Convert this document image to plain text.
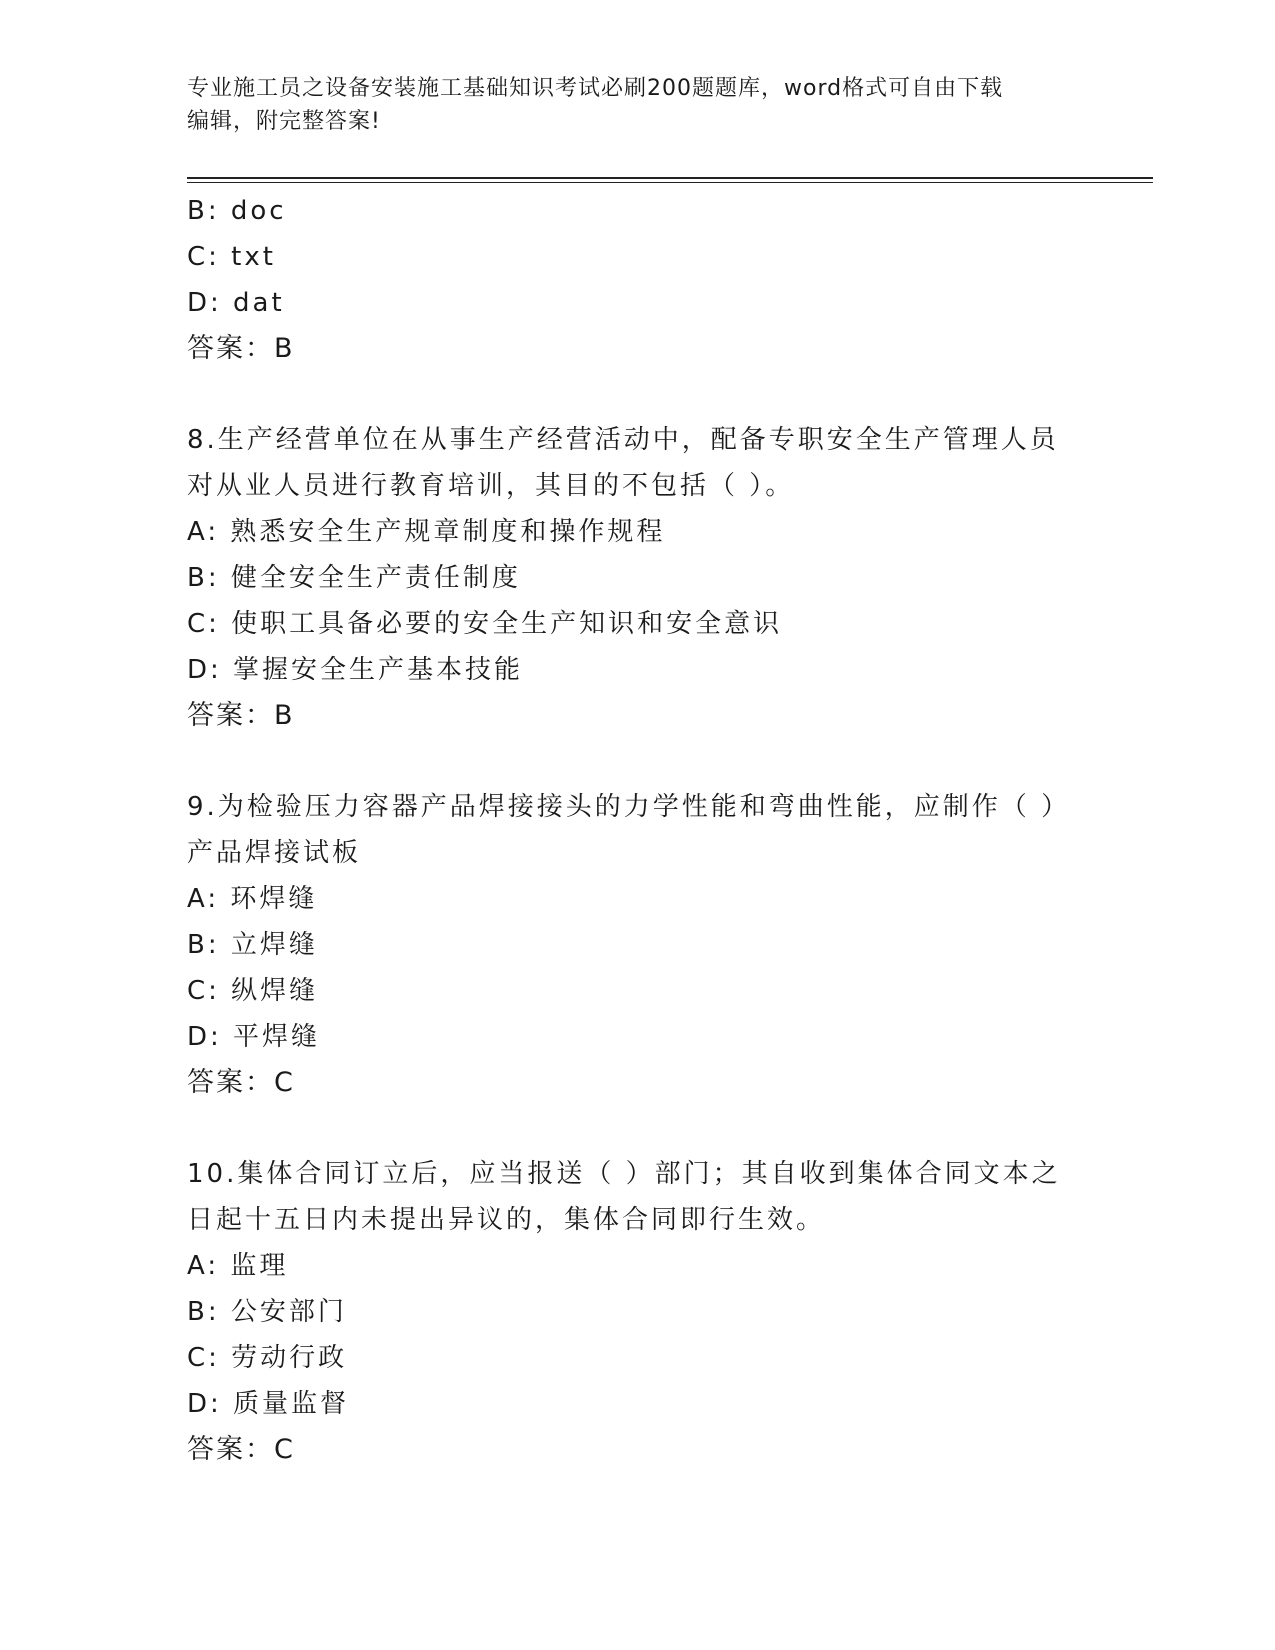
专业施工员之设备安装施工基础知识考试必刷200题题库，word格式可自由下载
编辑，附完整答案!
B: doc
C: txt
D: dat
答案：B
8.生产经营单位在从事生产经营活动中，配备专职安全生产管理人员
对从业人员进行教育培训，其目的不包括（ ）。
A: 熟悉安全生产规章制度和操作规程
B: 健全安全生产责任制度
C: 使职工具备必要的安全生产知识和安全意识
D: 掌握安全生产基本技能
答案：B
9.为检验压力容器产品焊接接头的力学性能和弯曲性能，应制作（ ）
产品焊接试板
A: 环焊缝
B: 立焊缝
C: 纵焊缝
D: 平焊缝
答案：C
10.集体合同订立后，应当报送（ ）部门；其自收到集体合同文本之
日起十五日内未提出异议的，集体合同即行生效。
A: 监理
B: 公安部门
C: 劳动行政
D: 质量监督
答案：C
